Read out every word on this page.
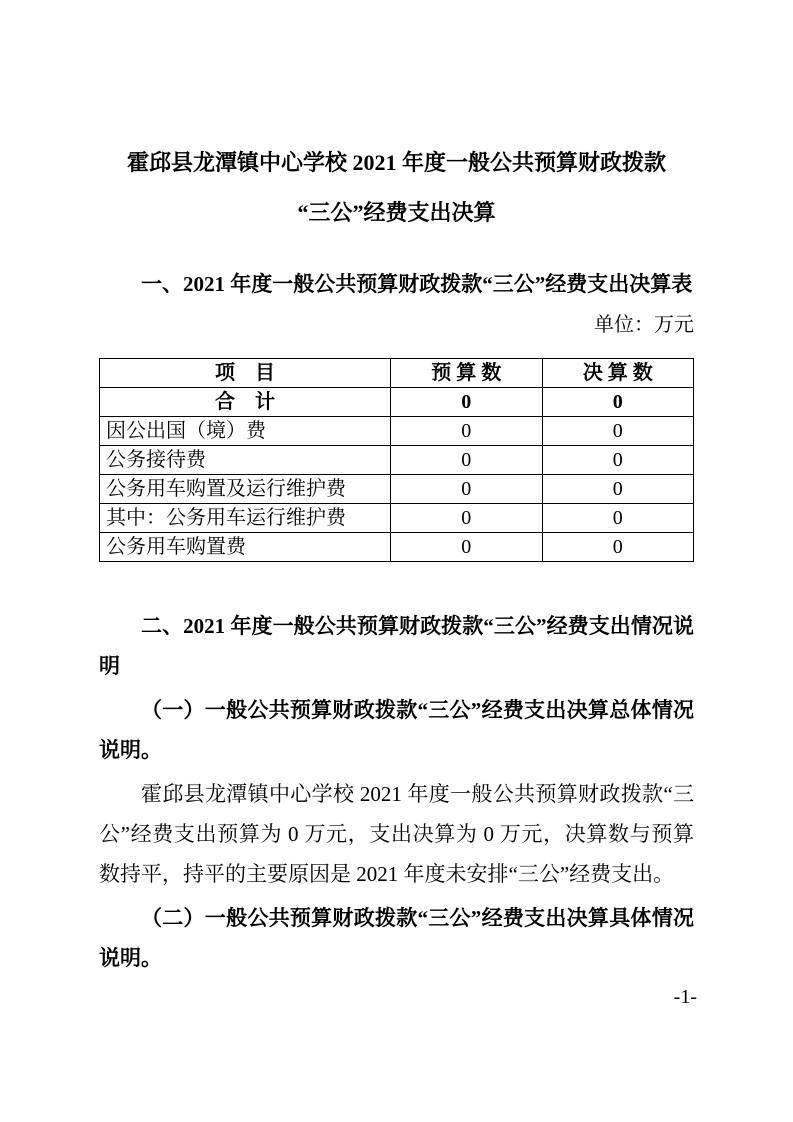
霍邱县龙潭镇中心学校 2021 年度一般公共预算财政拨款
“三公”经费支出决算

一、2021 年度一般公共预算财政拨款“三公”经费支出决算表

单位：万元

项　目	预 算 数	决 算 数
合　计	0	0
因公出国（境）费	0	0
公务接待费	0	0
公务用车购置及运行维护费	0	0
其中：公务用车运行维护费	0	0
公务用车购置费	0	0

二、2021 年度一般公共预算财政拨款“三公”经费支出情况说明

（一）一般公共预算财政拨款“三公”经费支出决算总体情况说明。

霍邱县龙潭镇中心学校 2021 年度一般公共预算财政拨款“三公”经费支出预算为 0 万元，支出决算为 0 万元，决算数与预算数持平，持平的主要原因是 2021 年度未安排“三公”经费支出。

（二）一般公共预算财政拨款“三公”经费支出决算具体情况说明。

-1-
